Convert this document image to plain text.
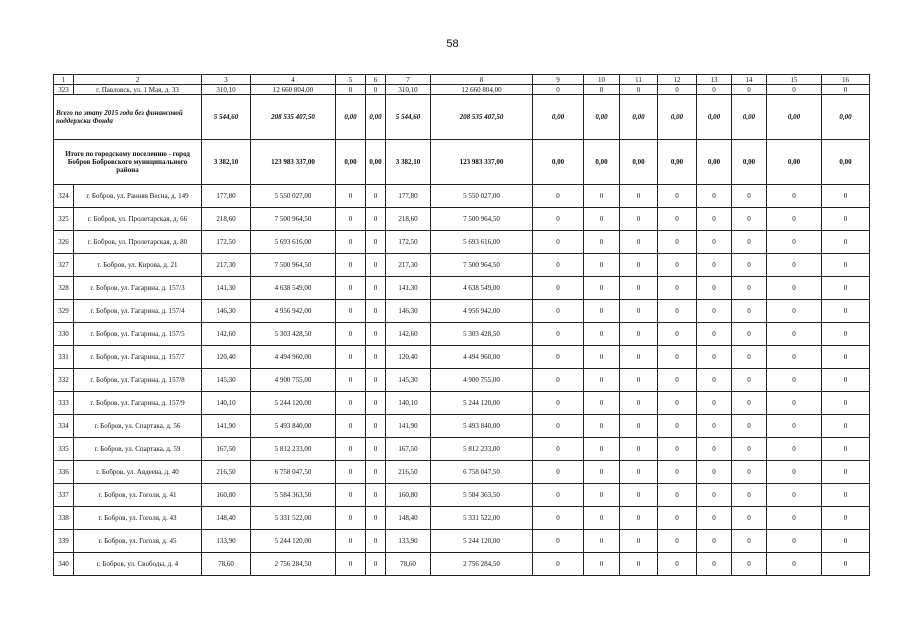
58
1	2	3	4	5	6	7	8	9	10	11	12	13	14	15	16
323	г. Павловск, ул. 1 Мая, д. 33	310,10	12 660 804,00	0	0	310,10	12 660 804,00	0	0	0	0	0	0	0	0
Всего по этапу 2015 года без финансовой поддержки Фонда		5 544,60	208 535 407,50	0,00	0,00	5 544,60	208 535 407,50	0,00	0,00	0,00	0,00	0,00	0,00	0,00	0,00
Итого по городскому поселению - город Бобров Бобровского муниципального района		3 382,10	123 983 337,00	0,00	0,00	3 382,10	123 983 337,00	0,00	0,00	0,00	0,00	0,00	0,00	0,00	0,00
324	г. Бобров, ул. Ранняя Весна, д. 149	177,80	5 550 027,00	0	0	177,80	5 550 027,00	0	0	0	0	0	0	0	0
325	г. Бобров, ул. Пролетарская, д. 66	218,60	7 500 964,50	0	0	218,60	7 500 964,50	0	0	0	0	0	0	0	0
326	г. Бобров, ул. Пролетарская, д. 80	172,50	5 693 616,00	0	0	172,50	5 693 616,00	0	0	0	0	0	0	0	0
327	г. Бобров, ул. Кирова, д. 21	217,30	7 500 964,50	0	0	217,30	7 500 964,50	0	0	0	0	0	0	0	0
328	г. Бобров, ул. Гагарина, д. 157/3	141,30	4 638 549,00	0	0	141,30	4 638 549,00	0	0	0	0	0	0	0	0
329	г. Бобров, ул. Гагарина, д. 157/4	146,30	4 956 942,00	0	0	146,30	4 956 942,00	0	0	0	0	0	0	0	0
330	г. Бобров, ул. Гагарина, д. 157/5	142,60	5 303 428,50	0	0	142,60	5 303 428,50	0	0	0	0	0	0	0	0
331	г. Бобров, ул. Гагарина, д. 157/7	120,40	4 494 960,00	0	0	120,40	4 494 960,00	0	0	0	0	0	0	0	0
332	г. Бобров, ул. Гагарина, д. 157/8	145,30	4 900 755,00	0	0	145,30	4 900 755,00	0	0	0	0	0	0	0	0
333	г. Бобров, ул. Гагарина, д. 157/9	140,10	5 244 120,00	0	0	140,10	5 244 120,00	0	0	0	0	0	0	0	0
334	г. Бобров, ул. Спартака, д. 56	141,90	5 493 840,00	0	0	141,90	5 493 840,00	0	0	0	0	0	0	0	0
335	г. Бобров, ул. Спартака, д. 59	167,50	5 812 233,00	0	0	167,50	5 812 233,00	0	0	0	0	0	0	0	0
336	г. Бобров, ул. Авдеева, д. 40	216,50	6 758 047,50	0	0	216,50	6 758 047,50	0	0	0	0	0	0	0	0
337	г. Бобров, ул. Гоголя, д. 41	160,80	5 584 363,50	0	0	160,80	5 584 363,50	0	0	0	0	0	0	0	0
338	г. Бобров, ул. Гоголя, д. 43	148,40	5 331 522,00	0	0	148,40	5 331 522,00	0	0	0	0	0	0	0	0
339	г. Бобров, ул. Гоголя, д. 45	133,90	5 244 120,00	0	0	133,90	5 244 120,00	0	0	0	0	0	0	0	0
340	г. Бобров, ул. Свободы, д. 4	78,60	2 756 284,50	0	0	78,60	2 756 284,50	0	0	0	0	0	0	0	0
